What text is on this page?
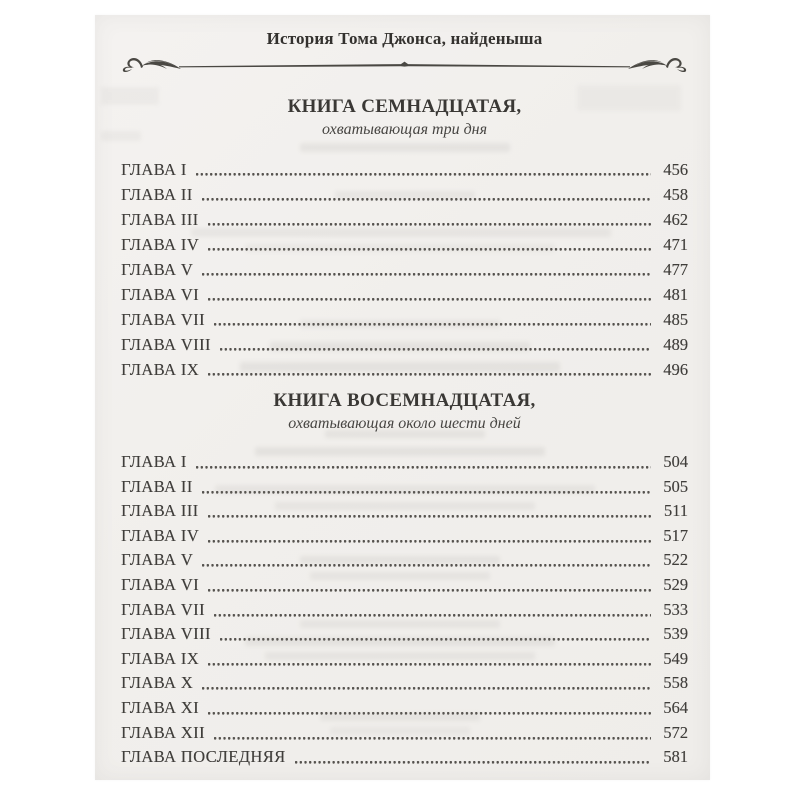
История Тома Джонса, найденыша
КНИГА СЕМНАДЦАТАЯ,
охватывающая три дня
ГЛАВА I	456
ГЛАВА II	458
ГЛАВА III	462
ГЛАВА IV	471
ГЛАВА V	477
ГЛАВА VI	481
ГЛАВА VII	485
ГЛАВА VIII	489
ГЛАВА IX	496
КНИГА ВОСЕМНАДЦАТАЯ,
охватывающая около шести дней
ГЛАВА I	504
ГЛАВА II	505
ГЛАВА III	511
ГЛАВА IV	517
ГЛАВА V	522
ГЛАВА VI	529
ГЛАВА VII	533
ГЛАВА VIII	539
ГЛАВА IX	549
ГЛАВА X	558
ГЛАВА XI	564
ГЛАВА XII	572
ГЛАВА ПОСЛЕДНЯЯ	581
